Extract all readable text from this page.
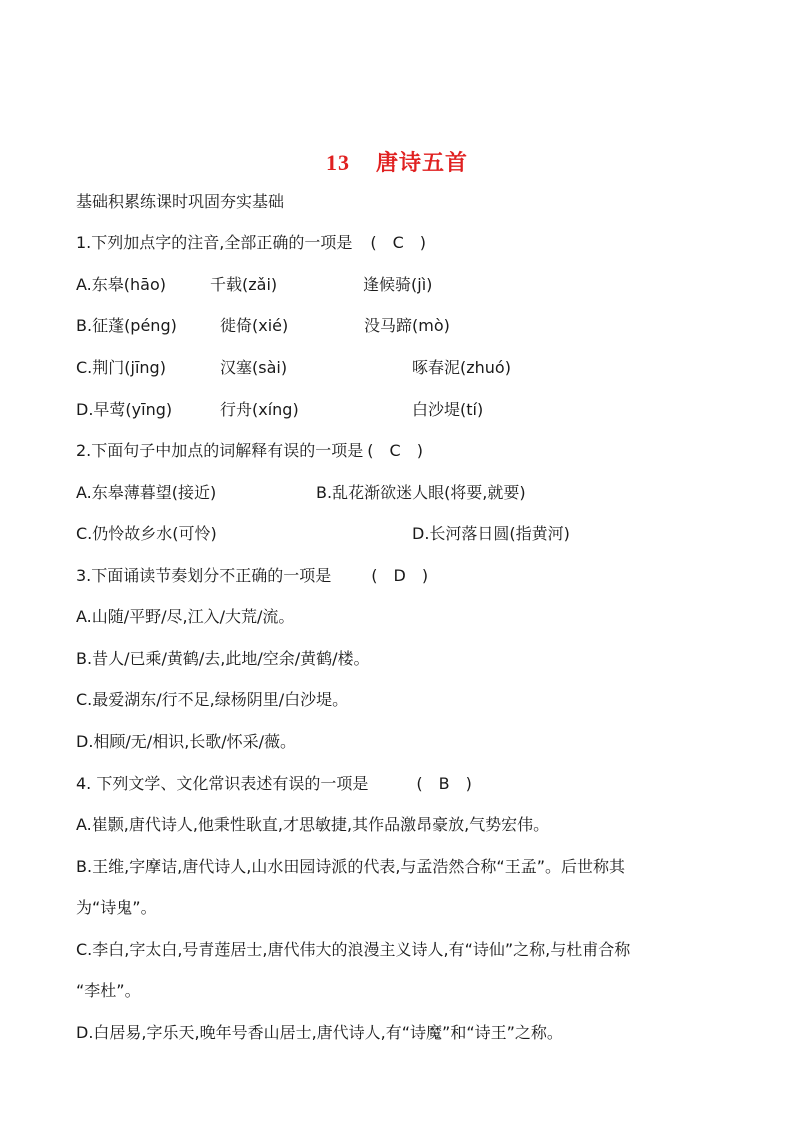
13 唐诗五首
基础积累练课时巩固夯实基础
1.下列加点字的注音,全部正确的一项是 (　C　)
A.东皋(hāo)	千载(zǎi)	逢候骑(jì)
B.征蓬(péng)	徙倚(xié)	没马蹄(mò)
C.荆门(jīng)	汉塞(sài)	啄春泥(zhuó)
D.早莺(yīng)	行舟(xíng)	白沙堤(tí)
2.下面句子中加点的词解释有误的一项是 (　C　)
A.东皋薄暮望(接近)	B.乱花渐欲迷人眼(将要,就要)
C.仍怜故乡水(可怜)	D.长河落日圆(指黄河)
3.下面诵读节奏划分不正确的一项是	(　D　)
A.山随/平野/尽,江入/大荒/流。
B.昔人/已乘/黄鹤/去,此地/空余/黄鹤/楼。
C.最爱湖东/行不足,绿杨阴里/白沙堤。
D.相顾/无/相识,长歌/怀采/薇。
4. 下列文学、文化常识表述有误的一项是	(　B　)
A.崔颢,唐代诗人,他秉性耿直,才思敏捷,其作品激昂豪放,气势宏伟。
B.王维,字摩诘,唐代诗人,山水田园诗派的代表,与孟浩然合称“王孟”。后世称其
为“诗鬼”。
C.李白,字太白,号青莲居士,唐代伟大的浪漫主义诗人,有“诗仙”之称,与杜甫合称
“李杜”。
D.白居易,字乐天,晚年号香山居士,唐代诗人,有“诗魔”和“诗王”之称。
